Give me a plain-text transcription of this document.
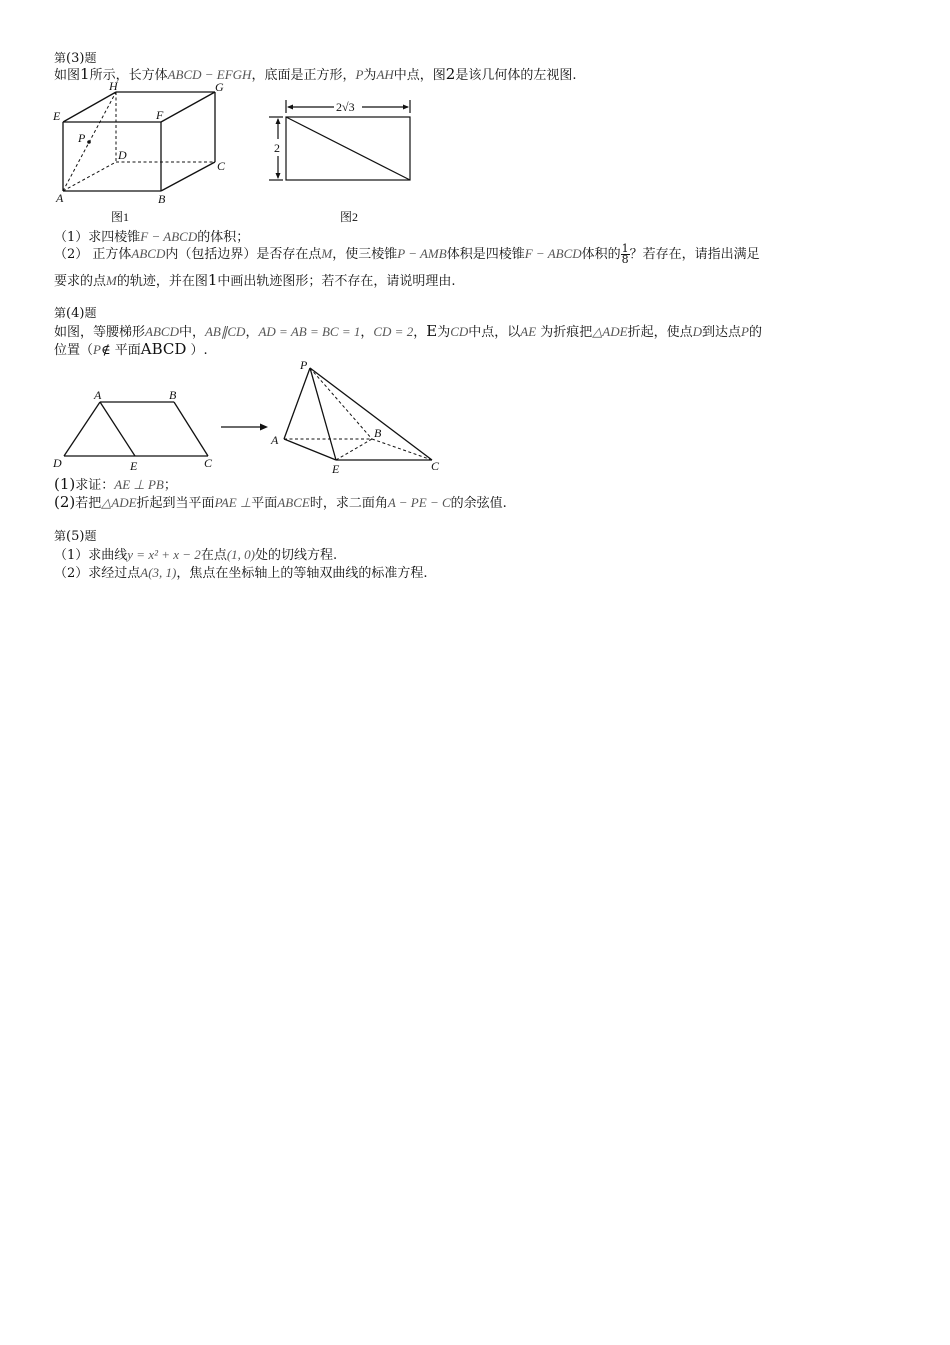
第(3)题
如图1所示，长方体ABCD − EFGH，底面是正方形，P为AH中点，图2是该几何体的左视图.
H	G
E	F
P
D
C
A	B
图1
2√3
2
图2
（1）求四棱锥F − ABCD的体积；
（2） 正方体ABCD内（包括边界）是否存在点M，使三棱锥P − AMB体积是四棱锥F − ABCD体积的 $\frac{1}{8}$ ？若存在，请指出满足
要求的点M的轨迹，并在图1中画出轨迹图形；若不存在，请说明理由.
第(4)题
如图，等腰梯形ABCD中，AB∥CD，AD = AB = BC = 1，CD = 2，E为CD中点，以AE 为折痕把△ADE折起，使点D到达点P的
位置（P∉ 平面ABCD ）.
A	B
D	E	C
P
A	B
E	C
(1)求证：AE ⊥ PB；
(2)若把△ADE折起到当平面PAE ⊥平面ABCE时，求二面角A − PE − C的余弦值.
第(5)题
（1）求曲线y = x² + x − 2在点(1, 0)处的切线方程.
（2）求经过点A(3, 1)，焦点在坐标轴上的等轴双曲线的标准方程.
